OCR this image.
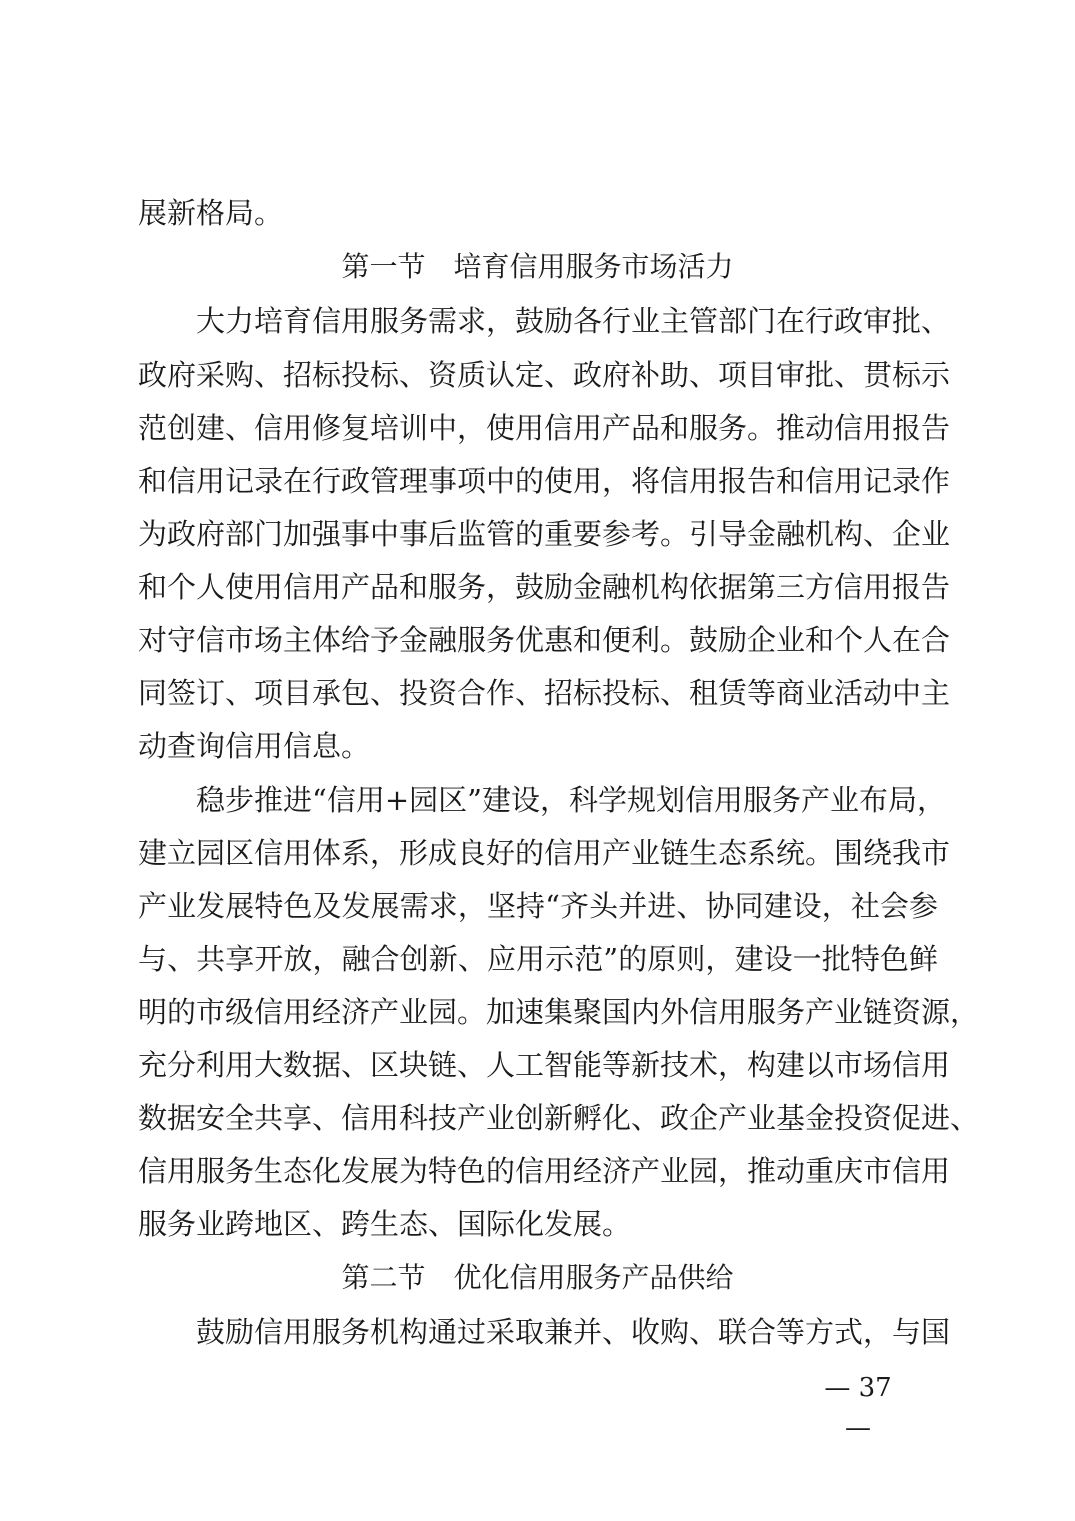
展新格局。
第一节　培育信用服务市场活力
大力培育信用服务需求，鼓励各行业主管部门在行政审批、
政府采购、招标投标、资质认定、政府补助、项目审批、贯标示
范创建、信用修复培训中，使用信用产品和服务。推动信用报告
和信用记录在行政管理事项中的使用，将信用报告和信用记录作
为政府部门加强事中事后监管的重要参考。引导金融机构、企业
和个人使用信用产品和服务，鼓励金融机构依据第三方信用报告
对守信市场主体给予金融服务优惠和便利。鼓励企业和个人在合
同签订、项目承包、投资合作、招标投标、租赁等商业活动中主
动查询信用信息。
稳步推进“信用+园区”建设，科学规划信用服务产业布局，
建立园区信用体系，形成良好的信用产业链生态系统。围绕我市
产业发展特色及发展需求，坚持“齐头并进、协同建设，社会参
与、共享开放，融合创新、应用示范”的原则，建设一批特色鲜
明的市级信用经济产业园。加速集聚国内外信用服务产业链资源，
充分利用大数据、区块链、人工智能等新技术，构建以市场信用
数据安全共享、信用科技产业创新孵化、政企产业基金投资促进、
信用服务生态化发展为特色的信用经济产业园，推动重庆市信用
服务业跨地区、跨生态、国际化发展。
第二节　优化信用服务产品供给
鼓励信用服务机构通过采取兼并、收购、联合等方式，与国
— 37 —
